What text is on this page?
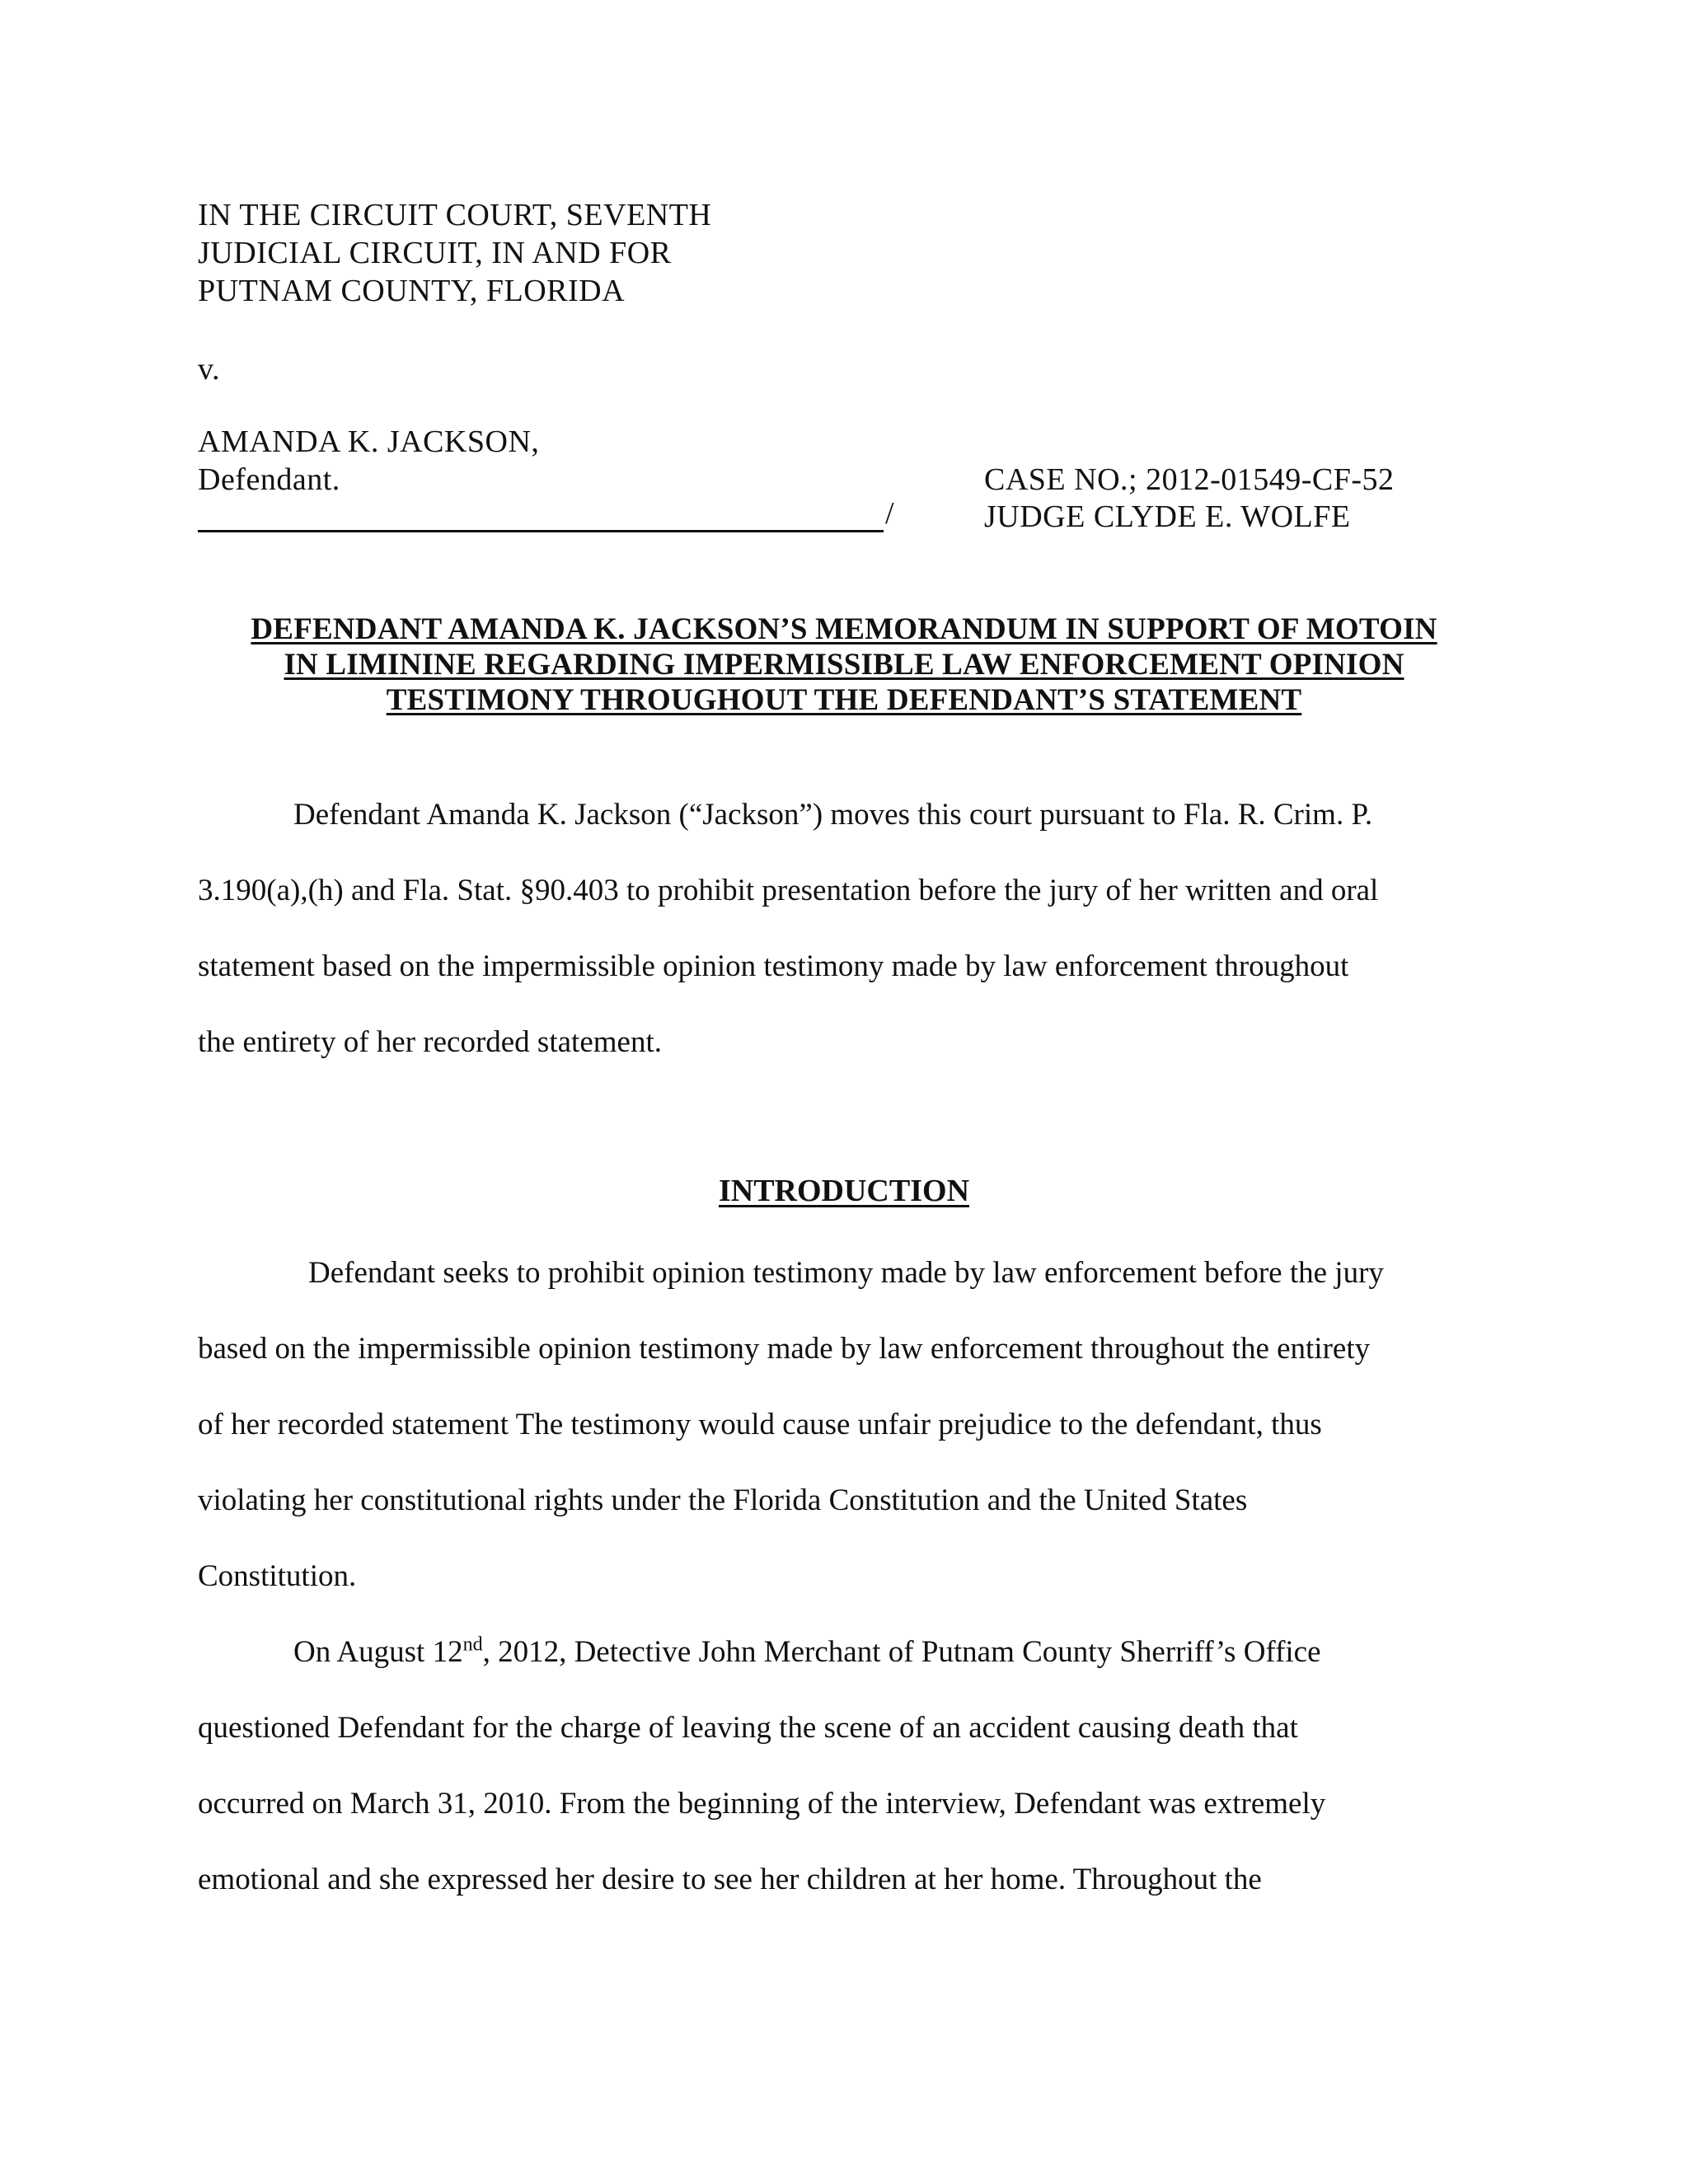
IN THE CIRCUIT COURT, SEVENTH
JUDICIAL CIRCUIT, IN AND FOR
PUTNAM COUNTY, FLORIDA
v.
AMANDA K. JACKSON,
Defendant.	CASE NO.; 2012-01549-CF-52
JUDGE CLYDE E. WOLFE
/
DEFENDANT AMANDA K. JACKSON’S MEMORANDUM IN SUPPORT OF MOTOIN
IN LIMININE REGARDING IMPERMISSIBLE LAW ENFORCEMENT OPINION
TESTIMONY THROUGHOUT THE DEFENDANT’S STATEMENT
Defendant Amanda K. Jackson (“Jackson”) moves this court pursuant to Fla. R. Crim. P.
3.190(a),(h) and Fla. Stat. §90.403 to prohibit presentation before the jury of her written and oral
statement based on the impermissible opinion testimony made by law enforcement throughout
the entirety of her recorded statement.
INTRODUCTION
Defendant seeks to prohibit opinion testimony made by law enforcement before the jury
based on the impermissible opinion testimony made by law enforcement throughout the entirety
of her recorded statement The testimony would cause unfair prejudice to the defendant, thus
violating her constitutional rights under the Florida Constitution and the United States
Constitution.
On August 12nd, 2012, Detective John Merchant of Putnam County Sherriff’s Office
questioned Defendant for the charge of leaving the scene of an accident causing death that
occurred on March 31, 2010. From the beginning of the interview, Defendant was extremely
emotional and she expressed her desire to see her children at her home. Throughout the
